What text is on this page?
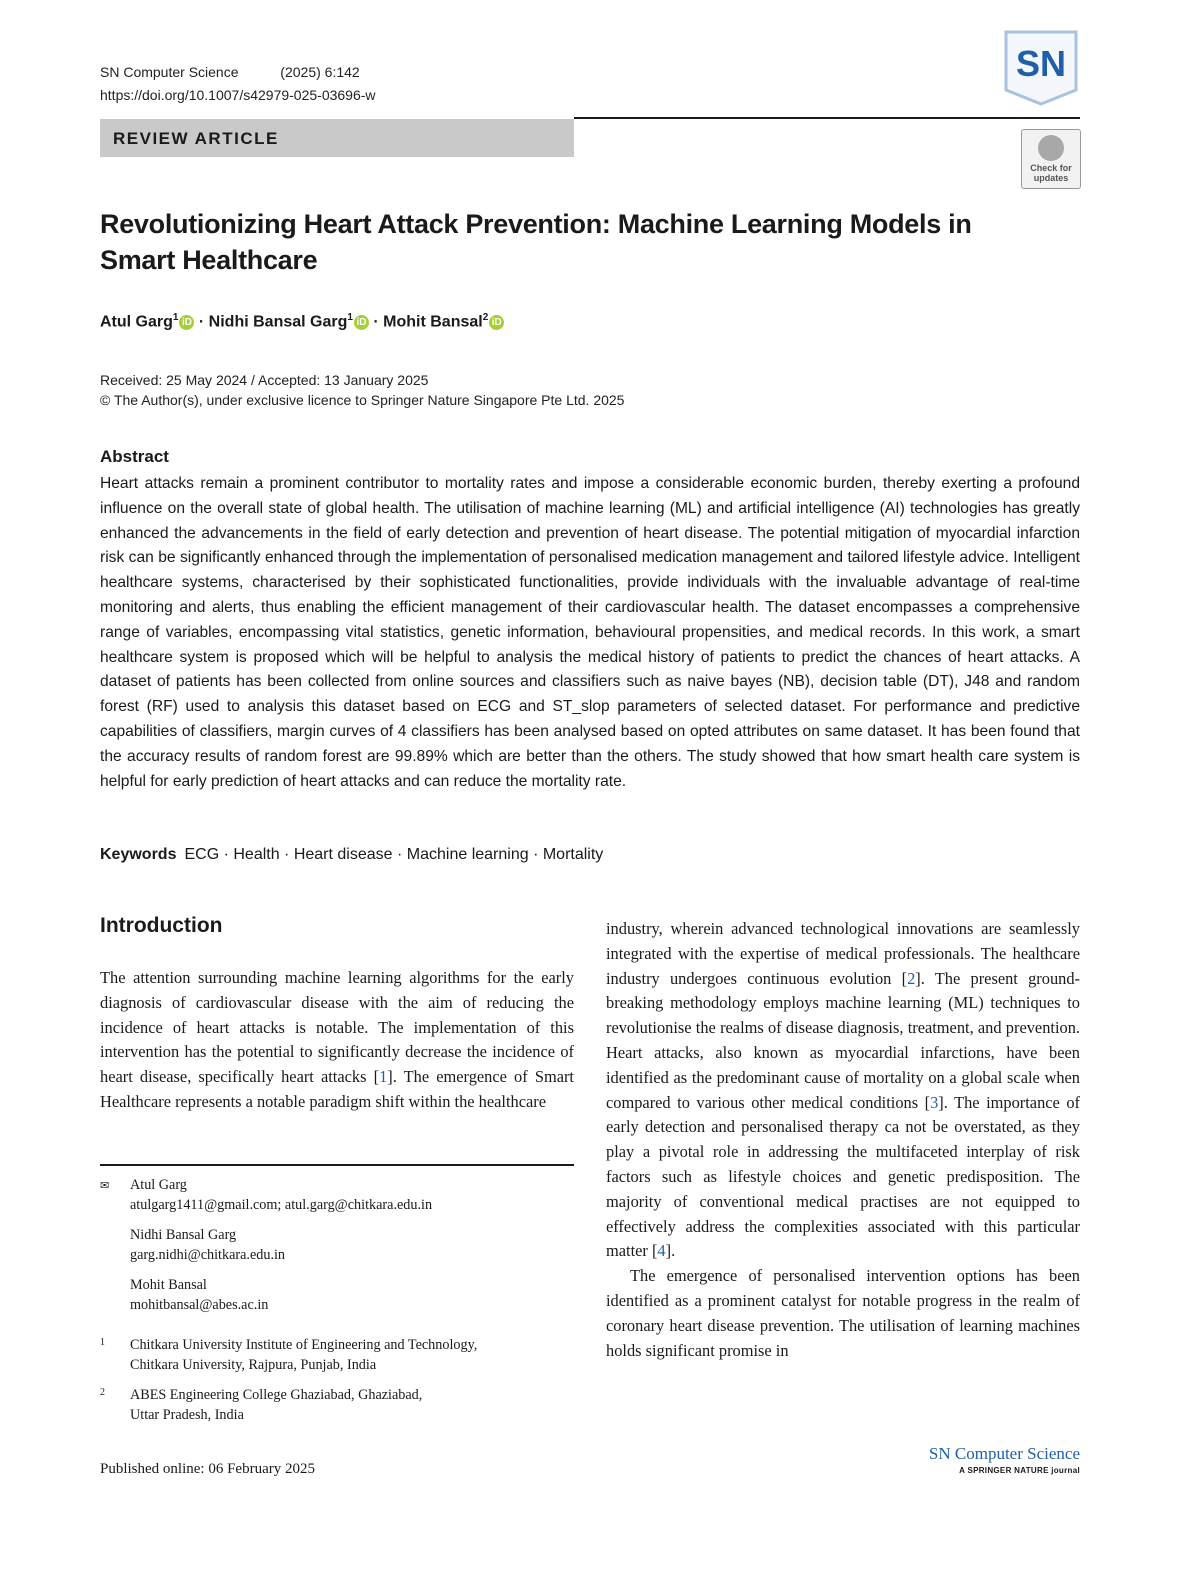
SN Computer Science	(2025) 6:142
https://doi.org/10.1007/s42979-025-03696-w
SN
REVIEW ARTICLE
Check for updates
Revolutionizing Heart Attack Prevention: Machine Learning Models in Smart Healthcare
Atul Garg$^1$ iD · Nidhi Bansal Garg$^1$ iD · Mohit Bansal$^2$ iD
Received: 25 May 2024 / Accepted: 13 January 2025
© The Author(s), under exclusive licence to Springer Nature Singapore Pte Ltd. 2025
Abstract
Heart attacks remain a prominent contributor to mortality rates and impose a considerable economic burden, thereby exerting a profound influence on the overall state of global health. The utilisation of machine learning (ML) and artificial intelligence (AI) technologies has greatly enhanced the advancements in the field of early detection and prevention of heart disease. The potential mitigation of myocardial infarction risk can be significantly enhanced through the implementation of personalised medication management and tailored lifestyle advice. Intelligent healthcare systems, characterised by their sophisticated functionalities, provide individuals with the invaluable advantage of real-time monitoring and alerts, thus enabling the efficient management of their cardiovascular health. The dataset encompasses a comprehensive range of variables, encompassing vital statistics, genetic information, behavioural propensities, and medical records. In this work, a smart healthcare system is proposed which will be helpful to analysis the medical history of patients to predict the chances of heart attacks. A dataset of patients has been collected from online sources and classifiers such as naive bayes (NB), decision table (DT), J48 and random forest (RF) used to analysis this dataset based on ECG and ST_slop parameters of selected dataset. For performance and predictive capabilities of classifiers, margin curves of 4 classifiers has been analysed based on opted attributes on same dataset. It has been found that the accuracy results of random forest are 99.89% which are better than the others. The study showed that how smart health care system is helpful for early prediction of heart attacks and can reduce the mortality rate.
Keywords ECG · Health · Heart disease · Machine learning · Mortality
Introduction

The attention surrounding machine learning algorithms for the early diagnosis of cardiovascular disease with the aim of reducing the incidence of heart attacks is notable. The implementation of this intervention has the potential to significantly decrease the incidence of heart disease, specifically heart attacks [1]. The emergence of Smart Healthcare represents a notable paradigm shift within the healthcare

industry, wherein advanced technological innovations are seamlessly integrated with the expertise of medical professionals. The healthcare industry undergoes continuous evolution [2]. The present ground-breaking methodology employs machine learning (ML) techniques to revolutionise the realms of disease diagnosis, treatment, and prevention. Heart attacks, also known as myocardial infarctions, have been identified as the predominant cause of mortality on a global scale when compared to various other medical conditions [3]. The importance of early detection and personalised therapy ca not be overstated, as they play a pivotal role in addressing the multifaceted interplay of risk factors such as lifestyle choices and genetic predisposition. The majority of conventional medical practises are not equipped to effectively address the complexities associated with this particular matter [4].

The emergence of personalised intervention options has been identified as a prominent catalyst for notable progress in the realm of coronary heart disease prevention. The utilisation of learning machines holds significant promise in

✉ Atul Garg
atulgarg1411@gmail.com; atul.garg@chitkara.edu.in
Nidhi Bansal Garg
garg.nidhi@chitkara.edu.in
Mohit Bansal
mohitbansal@abes.ac.in
1 Chitkara University Institute of Engineering and Technology,
Chitkara University, Rajpura, Punjab, India
2 ABES Engineering College Ghaziabad, Ghaziabad,
Uttar Pradesh, India
Published online: 06 February 2025
SN Computer Science
A SPRINGER NATURE journal
